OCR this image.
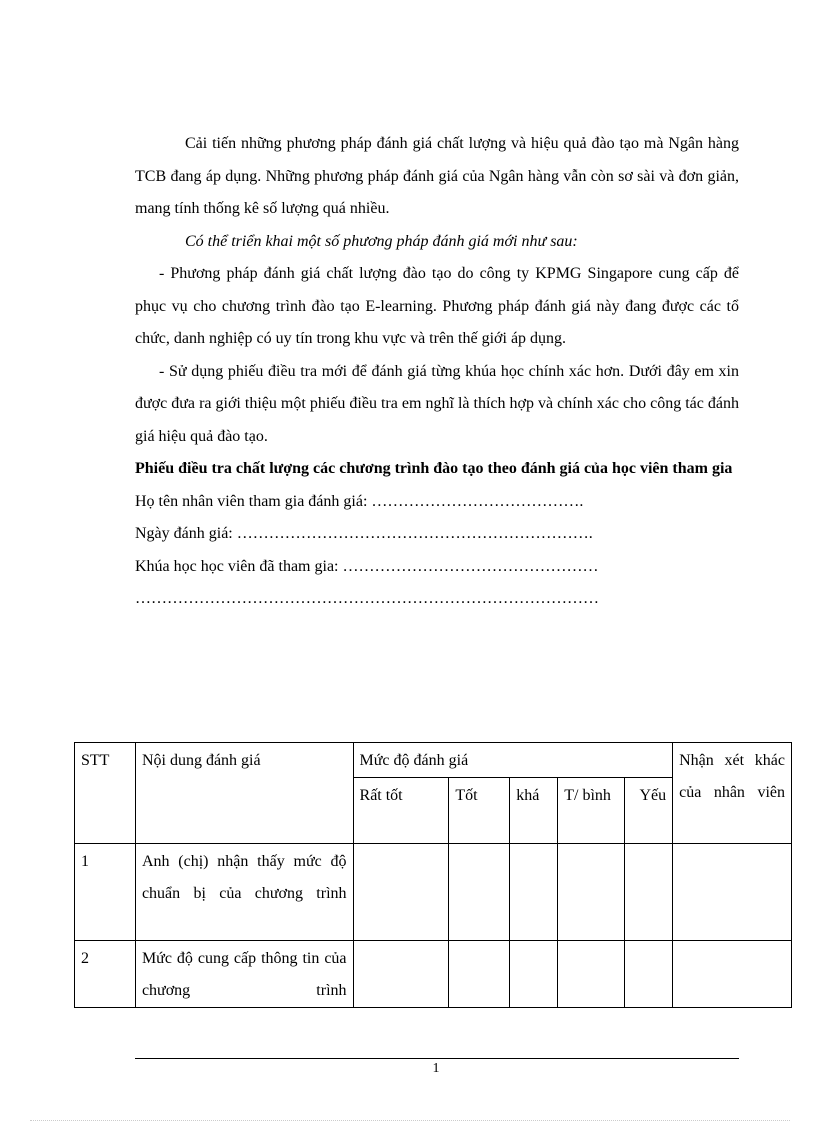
Cải tiến những phương pháp đánh giá chất lượng và hiệu quả đào tạo mà Ngân hàng TCB đang áp dụng. Những phương pháp đánh giá của Ngân hàng vẫn còn sơ sài và đơn giản, mang tính thống kê số lượng quá nhiều.

Có thể triển khai một số phương pháp đánh giá mới như sau:

- Phương pháp đánh giá chất lượng đào tạo do công ty KPMG Singapore cung cấp để phục vụ cho chương trình đào tạo E-learning. Phương pháp đánh giá này đang được các tổ chức, danh nghiệp có uy tín trong khu vực và trên thế giới áp dụng.

- Sử dụng phiếu điều tra mới để đánh giá từng khúa học chính xác hơn. Dưới đây em xin được đưa ra giới thiệu một phiếu điều tra em nghĩ là thích hợp và chính xác cho công tác đánh giá hiệu quả đào tạo.

Phiếu điều tra chất lượng các chương trình đào tạo theo đánh giá của học viên tham gia

Họ tên nhân viên tham gia đánh giá: ………………………………….

Ngày đánh giá: ………………………………………………………….

Khúa học học viên đã tham gia: …………………………………………

……………………………………………………………………………

STT	Nội dung đánh giá	Mức độ đánh giá					Nhận xét khác của nhân viên
		Rất tốt	Tốt	khá	T/ bình	Yếu	
1	Anh (chị) nhận thấy mức độ chuẩn bị của chương trình						
2	Mức độ cung cấp thông tin của chương trình						
1
